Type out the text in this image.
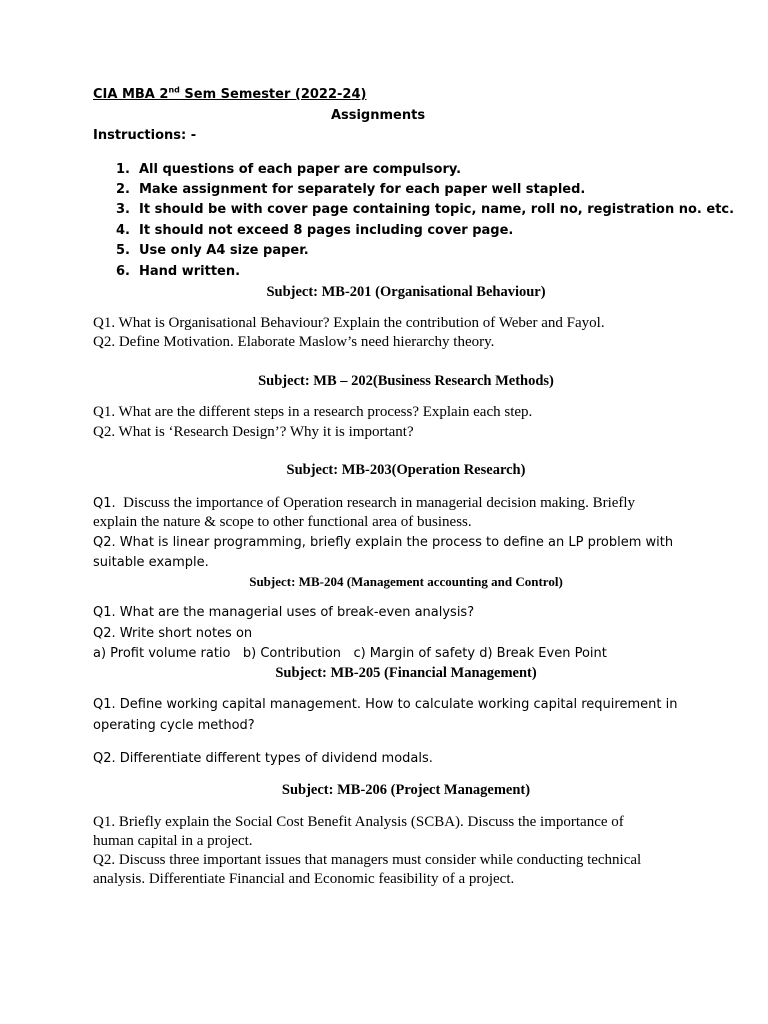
CIA MBA 2nd Sem Semester (2022-24)
Assignments
Instructions: -
1. All questions of each paper are compulsory.
2. Make assignment for separately for each paper well stapled.
3. It should be with cover page containing topic, name, roll no, registration no. etc.
4. It should not exceed 8 pages including cover page.
5. Use only A4 size paper.
6. Hand written.
Subject: MB-201 (Organisational Behaviour)
Q1. What is Organisational Behaviour? Explain the contribution of Weber and Fayol.
Q2. Define Motivation. Elaborate Maslow’s need hierarchy theory.
Subject: MB – 202(Business Research Methods)
Q1. What are the different steps in a research process? Explain each step.
Q2. What is ‘Research Design’? Why it is important?
Subject: MB-203(Operation Research)
Q1.  Discuss the importance of Operation research in managerial decision making. Briefly
explain the nature & scope to other functional area of business.
Q2. What is linear programming, briefly explain the process to define an LP problem with
suitable example.
Subject: MB-204 (Management accounting and Control)
Q1. What are the managerial uses of break-even analysis?
Q2. Write short notes on
a) Profit volume ratio   b) Contribution   c) Margin of safety d) Break Even Point
Subject: MB-205 (Financial Management)
Q1. Define working capital management. How to calculate working capital requirement in
operating cycle method?
Q2. Differentiate different types of dividend modals.
Subject: MB-206 (Project Management)
Q1. Briefly explain the Social Cost Benefit Analysis (SCBA). Discuss the importance of
human capital in a project.
Q2. Discuss three important issues that managers must consider while conducting technical
analysis. Differentiate Financial and Economic feasibility of a project.
